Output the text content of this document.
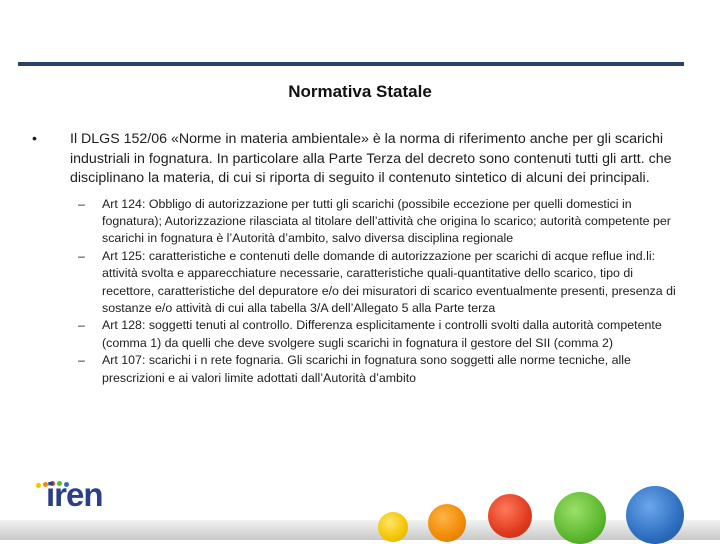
Normativa Statale
•	Il DLGS 152/06 «Norme in materia ambientale» è la norma di riferimento anche per gli scarichi industriali in fognatura. In particolare alla Parte Terza del decreto sono contenuti tutti gli artt. che disciplinano la materia, di cui si riporta di seguito il contenuto sintetico di alcuni dei principali.
–	Art 124: Obbligo di autorizzazione per tutti gli scarichi (possibile eccezione per quelli domestici in fognatura); Autorizzazione rilasciata al titolare dell’attività che origina lo scarico; autorità competente per scarichi in fognatura è l’Autorità d’ambito, salvo diversa disciplina regionale
–	Art 125: caratteristiche e contenuti delle domande di autorizzazione per scarichi di acque reflue ind.li: attività svolta e apparecchiature necessarie, caratteristiche quali-quantitative dello scarico, tipo di recettore, caratteristiche del depuratore e/o dei misuratori di scarico eventualmente presenti, presenza di sostanze e/o attività di cui alla tabella 3/A dell’Allegato 5 alla Parte terza
–	Art 128: soggetti tenuti al controllo. Differenza esplicitamente i controlli svolti dalla autorità competente (comma 1) da quelli che deve svolgere sugli scarichi in fognatura il gestore del SII (comma 2)
–	Art 107: scarichi i n rete fognaria. Gli scarichi in fognatura sono soggetti alle norme tecniche, alle prescrizioni e ai valori limite adottati dall’Autorità d’ambito
iren
